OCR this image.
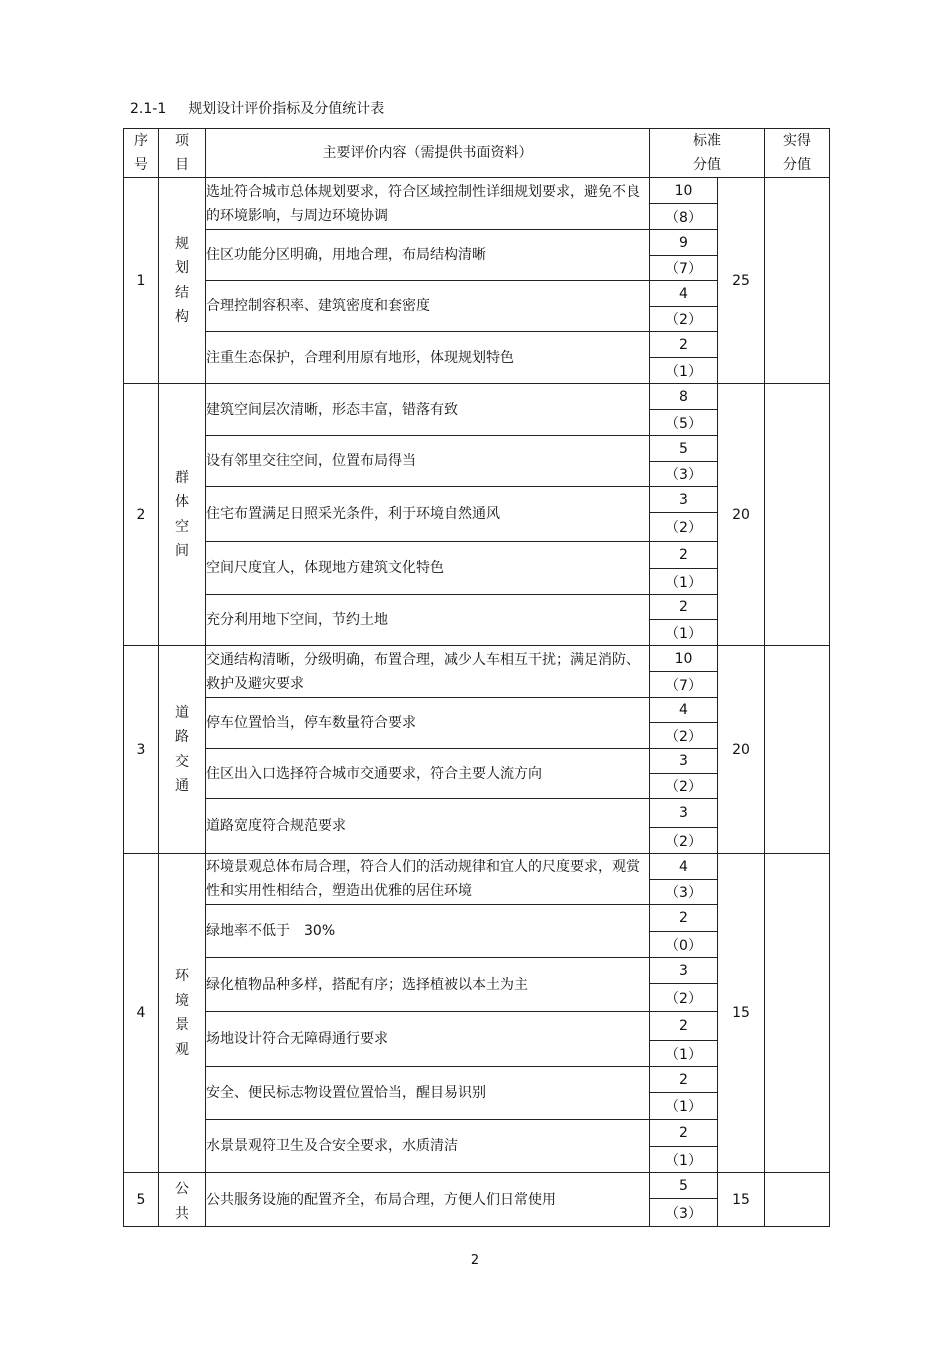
2.1-1 规划设计评价指标及分值统计表
序号	项目	主要评价内容（需提供书面资料）	标准分值		实得分值

1	规划结构	选址符合城市总体规划要求，符合区域控制性详细规划要求，避免不良的环境影响，与周边环境协调	10	25	
			（8）		
		住区功能分区明确，用地合理，布局结构清晰	9		
			（7）		
		合理控制容积率、建筑密度和套密度	4		
			（2）		
		注重生态保护，合理利用原有地形，体现规划特色	2		
			（1）		
2	群体空间	建筑空间层次清晰，形态丰富，错落有致	8	20	
			（5）		
		设有邻里交往空间，位置布局得当	5		
			（3）		
		住宅布置满足日照采光条件，利于环境自然通风	3		
			（2）		
		空间尺度宜人，体现地方建筑文化特色	2		
			（1）		
		充分利用地下空间，节约土地	2		
			（1）		
3	道路交通	交通结构清晰，分级明确，布置合理，减少人车相互干扰；满足消防、救护及避灾要求	10	20	
			（7）		
		停车位置恰当，停车数量符合要求	4		
			（2）		
		住区出入口选择符合城市交通要求，符合主要人流方向	3		
			（2）		
		道路宽度符合规范要求	3		
			（2）		
4	环境景观	环境景观总体布局合理，符合人们的活动规律和宜人的尺度要求，观赏性和实用性相结合，塑造出优雅的居住环境	4	15	
			（3）		
		绿地率不低于　30%	2		
			（0）		
		绿化植物品种多样，搭配有序；选择植被以本土为主	3		
			（2）		
		场地设计符合无障碍通行要求	2		
			（1）		
		安全、便民标志物设置位置恰当，醒目易识别	2		
			（1）		
		水景景观符卫生及合安全要求，水质清洁	2		
			（1）		
5	公共	公共服务设施的配置齐全，布局合理，方便人们日常使用	5	15	
			（3）		
2
